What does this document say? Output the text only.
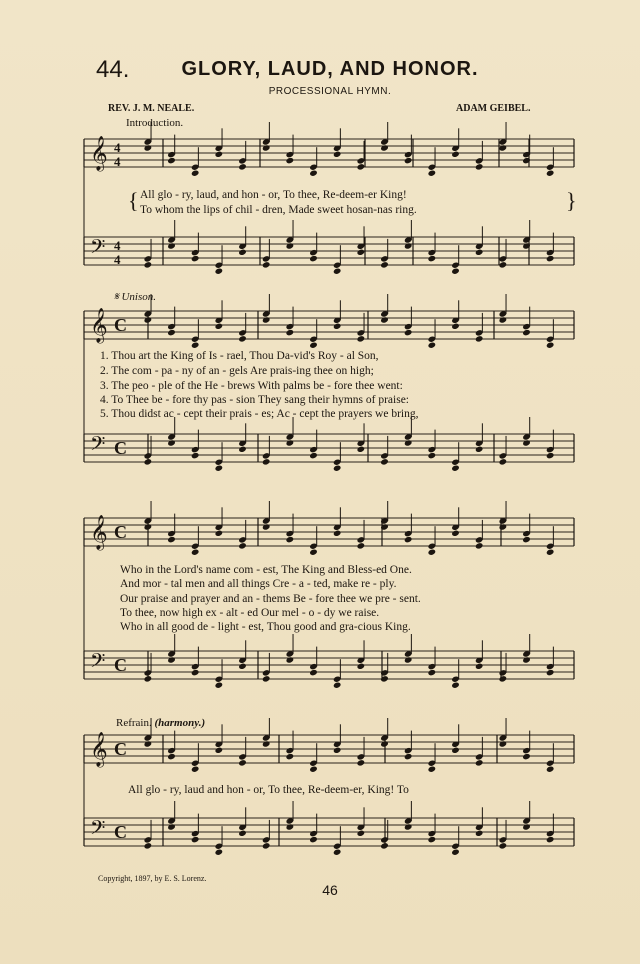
𝄞 4
4
𝄢 4
4
𝄞 C
𝄢 C
𝄞 C
𝄢 C
𝄞 C
𝄢 C
44.	GLORY, LAUD, AND HONOR.
PROCESSIONAL HYMN.
REV. J. M. NEALE.	ADAM GEIBEL.
Introduction.
{ All glo - ry, laud, and hon - or, To thee, Re-deem-er King!
To whom the lips of chil - dren, Made sweet hosan-nas ring.	}
𝄋 Unison.
1. Thou art the King of Is - rael, Thou Da-vid's Roy - al Son,
2. The com - pa - ny of an - gels Are prais-ing thee on high;
3. The peo - ple of the He - brews With palms be - fore thee went:
4. To Thee be - fore thy pas - sion They sang their hymns of praise:
5. Thou didst ac - cept their prais - es; Ac - cept the prayers we bring,
Who in the Lord's name com - est, The King and Bless-ed One.
And mor - tal men and all things Cre - a - ted, make re - ply.
Our praise and prayer and an - thems Be - fore thee we pre - sent.
To thee, now high ex - alt - ed Our mel - o - dy we raise.
Who in all good de - light - est, Thou good and gra-cious King.
Refrain. (harmony.)
All glo - ry, laud and hon - or, To thee, Re-deem-er, King! To
Copyright, 1897, by E. S. Lorenz.
46
